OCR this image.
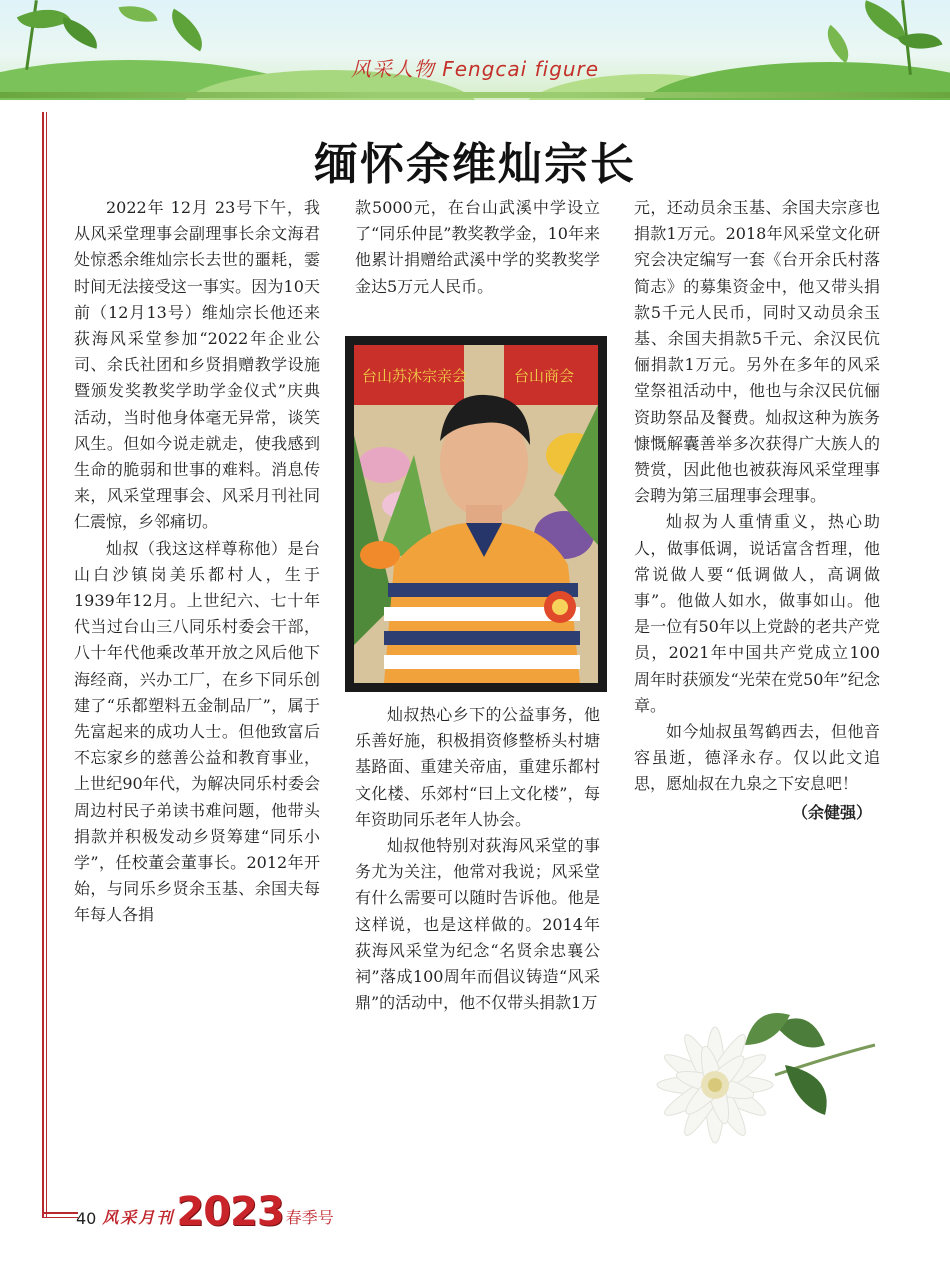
风采人物 Fengcai figure
缅怀余维灿宗长

2022年 12月 23号下午，我从风采堂理事会副理事长余文海君处惊悉余维灿宗长去世的噩耗，霎时间无法接受这一事实。因为10天前（12月13号）维灿宗长他还来荻海风采堂参加“2022年企业公司、余氏社团和乡贤捐赠教学设施暨颁发奖教奖学助学金仪式”庆典活动，当时他身体毫无异常，谈笑风生。但如今说走就走，使我感到生命的脆弱和世事的难料。消息传来，风采堂理事会、风采月刊社同仁震惊，乡邻痛切。

灿叔（我这这样尊称他）是台山白沙镇岗美乐都村人，生于1939年12月。上世纪六、七十年代当过台山三八同乐村委会干部，八十年代他乘改革开放之风后他下海经商，兴办工厂，在乡下同乐创建了“乐都塑料五金制品厂”，属于先富起来的成功人士。但他致富后不忘家乡的慈善公益和教育事业，上世纪90年代，为解决同乐村委会周边村民子弟读书难问题，他带头捐款并积极发动乡贤筹建“同乐小学”，任校董会董事长。2012年开始，与同乐乡贤余玉基、余国夫每年每人各捐

款5000元，在台山武溪中学设立了“同乐仲昆”教奖教学金，10年来他累计捐赠给武溪中学的奖教奖学金达5万元人民币。

台山苏沐宗亲会	台山商会

灿叔热心乡下的公益事务，他乐善好施，积极捐资修整桥头村塘基路面、重建关帝庙，重建乐都村文化楼、乐郊村“曰上文化楼”，每年资助同乐老年人协会。

灿叔他特别对荻海风采堂的事务尤为关注，他常对我说；风采堂有什么需要可以随时告诉他。他是这样说，也是这样做的。2014年荻海风采堂为纪念“名贤余忠襄公祠”落成100周年而倡议铸造“风采鼎”的活动中，他不仅带头捐款1万

元，还动员余玉基、余国夫宗彦也捐款1万元。2018年风采堂文化研究会决定编写一套《台开余氏村落简志》的募集资金中，他又带头捐款5千元人民币，同时又动员余玉基、余国夫捐款5千元、余汉民伉俪捐款1万元。另外在多年的风采堂祭祖活动中，他也与余汉民伉俪资助祭品及餐费。灿叔这种为族务慷慨解囊善举多次获得广大族人的赞赏，因此他也被荻海风采堂理事会聘为第三届理事会理事。

灿叔为人重情重义，热心助人，做事低调，说话富含哲理，他常说做人要“低调做人，高调做事”。他做人如水，做事如山。他是一位有50年以上党龄的老共产党员，2021年中国共产党成立100周年时获颁发“光荣在党50年”纪念章。

如今灿叔虽驾鹤西去，但他音容虽逝，德泽永存。仅以此文追思，愿灿叔在九泉之下安息吧！

（余健强）
40 风采月刊 2023 春季号
